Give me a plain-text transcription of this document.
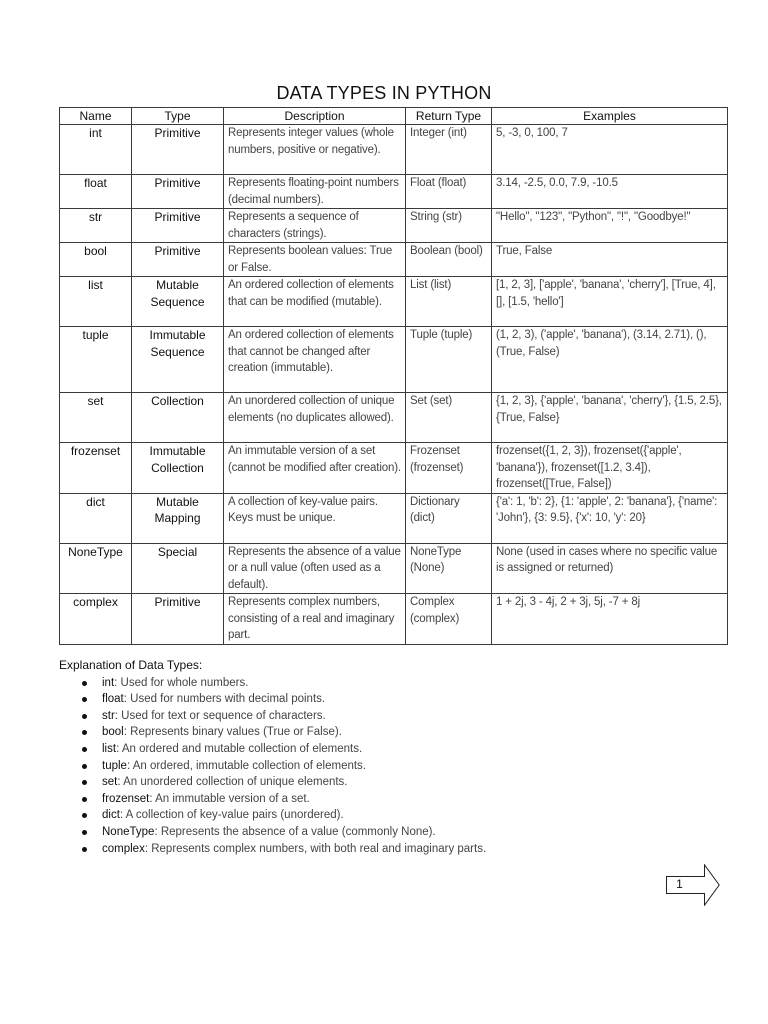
DATA TYPES IN PYTHON
Name	Type	Description	Return Type	Examples
int	Primitive	Represents integer values (whole numbers, positive or negative).	Integer (int)	5, -3, 0, 100, 7
float	Primitive	Represents floating-point numbers (decimal numbers).	Float (float)	3.14, -2.5, 0.0, 7.9, -10.5
str	Primitive	Represents a sequence of characters (strings).	String (str)	"Hello", "123", "Python", "!", "Goodbye!"
bool	Primitive	Represents boolean values: True or False.	Boolean (bool)	True, False
list	Mutable Sequence	An ordered collection of elements that can be modified (mutable).	List (list)	[1, 2, 3], ['apple', 'banana', 'cherry'], [True, 4], [], [1.5, 'hello']
tuple	Immutable Sequence	An ordered collection of elements that cannot be changed after creation (immutable).	Tuple (tuple)	(1, 2, 3), ('apple', 'banana'), (3.14, 2.71), (), (True, False)
set	Collection	An unordered collection of unique elements (no duplicates allowed).	Set (set)	{1, 2, 3}, {'apple', 'banana', 'cherry'}, {1.5, 2.5}, {True, False}
frozenset	Immutable Collection	An immutable version of a set (cannot be modified after creation).	Frozenset (frozenset)	frozenset({1, 2, 3}), frozenset({'apple', 'banana'}), frozenset([1.2, 3.4]), frozenset([True, False])
dict	Mutable Mapping	A collection of key-value pairs. Keys must be unique.	Dictionary (dict)	{'a': 1, 'b': 2}, {1: 'apple', 2: 'banana'}, {'name': 'John'}, {3: 9.5}, {'x': 10, 'y': 20}
NoneType	Special	Represents the absence of a value or a null value (often used as a default).	NoneType (None)	None (used in cases where no specific value is assigned or returned)
complex	Primitive	Represents complex numbers, consisting of a real and imaginary part.	Complex (complex)	1 + 2j, 3 - 4j, 2 + 3j, 5j, -7 + 8j
Explanation of Data Types:
int: Used for whole numbers.
float: Used for numbers with decimal points.
str: Used for text or sequence of characters.
bool: Represents binary values (True or False).
list: An ordered and mutable collection of elements.
tuple: An ordered, immutable collection of elements.
set: An unordered collection of unique elements.
frozenset: An immutable version of a set.
dict: A collection of key-value pairs (unordered).
NoneType: Represents the absence of a value (commonly None).
complex: Represents complex numbers, with both real and imaginary parts.
1
